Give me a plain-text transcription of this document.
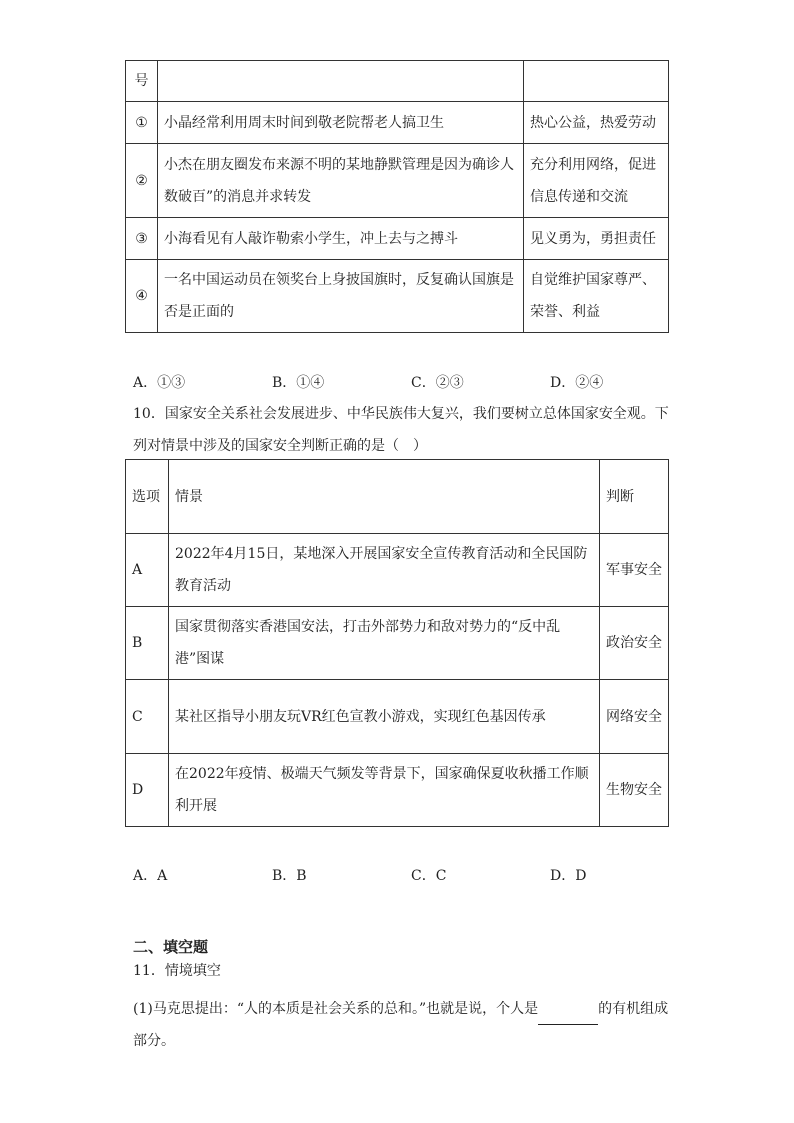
号		
①	小晶经常利用周末时间到敬老院帮老人搞卫生	热心公益，热爱劳动
②	小杰在朋友圈发布来源不明的某地静默管理是因为确诊人数破百”的消息并求转发	充分利用网络，促进信息传递和交流
③	小海看见有人敲诈勒索小学生，冲上去与之搏斗	见义勇为，勇担责任
④	一名中国运动员在领奖台上身披国旗时，反复确认国旗是否是正面的	自觉维护国家尊严、荣誉、利益
A．①③	B．①④	C．②③	D．②④
10．国家安全关系社会发展进步、中华民族伟大复兴，我们要树立总体国家安全观。下列对情景中涉及的国家安全判断正确的是（　）
选项	情景	判断
A	2022年4月15日，某地深入开展国家安全宣传教育活动和全民国防教育活动	军事安全
B	国家贯彻落实香港国安法，打击外部势力和敌对势力的“反中乱港”图谋	政治安全
C	某社区指导小朋友玩VR红色宣教小游戏，实现红色基因传承	网络安全
D	在2022年疫情、极端天气频发等背景下，国家确保夏收秋播工作顺利开展	生物安全
A．A	B．B	C．C	D．D
二、填空题
11．情境填空
(1)马克思提出：“人的本质是社会关系的总和。”也就是说，个人是	的有机组成部分。
